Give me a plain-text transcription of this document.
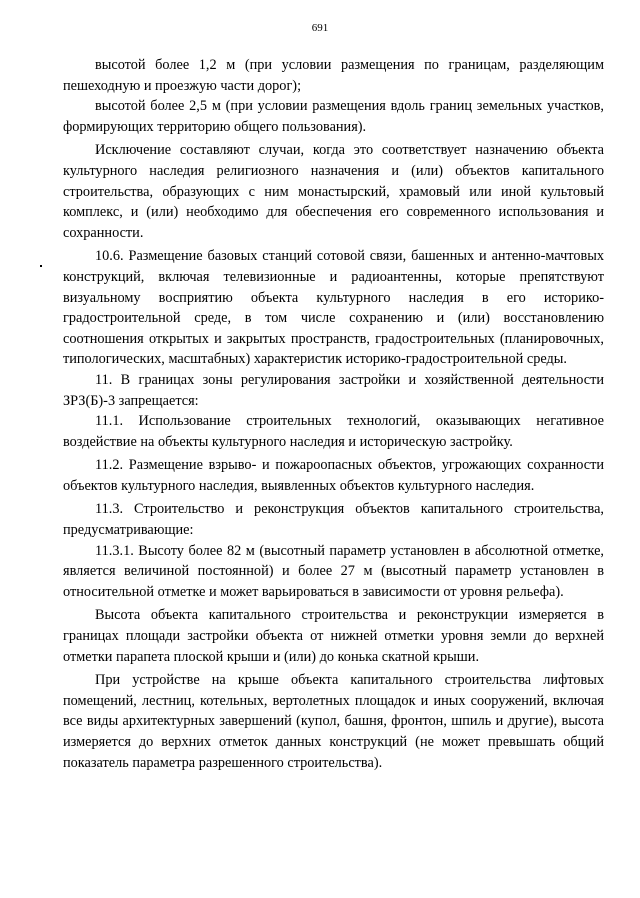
691

высотой более 1,2 м (при условии размещения по границам, разделяющим пешеходную и проезжую части дорог);

высотой более 2,5 м (при условии размещения вдоль границ земельных участков, формирующих территорию общего пользования).

Исключение составляют случаи, когда это соответствует назначению объекта культурного наследия религиозного назначения и (или) объектов капитального строительства, образующих с ним монастырский, храмовый или иной культовый комплекс, и (или) необходимо для обеспечения его современного использования и сохранности.

10.6. Размещение базовых станций сотовой связи, башенных и антенно-мачтовых конструкций, включая телевизионные и радиоантенны, которые препятствуют визуальному восприятию объекта культурного наследия в его историко-градостроительной среде, в том числе сохранению и (или) восстановлению соотношения открытых и закрытых пространств, градостроительных (планировочных, типологических, масштабных) характеристик историко-градостроительной среды.

11. В границах зоны регулирования застройки и хозяйственной деятельности ЗРЗ(Б)-3 запрещается:

11.1. Использование строительных технологий, оказывающих негативное воздействие на объекты культурного наследия и историческую застройку.

11.2. Размещение взрыво- и пожароопасных объектов, угрожающих сохранности объектов культурного наследия, выявленных объектов культурного наследия.

11.3. Строительство и реконструкция объектов капитального строительства, предусматривающие:

11.3.1. Высоту более 82 м (высотный параметр установлен в абсолютной отметке, является величиной постоянной) и более 27 м (высотный параметр установлен в относительной отметке и может варьироваться в зависимости от уровня рельефа).

Высота объекта капитального строительства и реконструкции измеряется в границах площади застройки объекта от нижней отметки уровня земли до верхней отметки парапета плоской крыши и (или) до конька скатной крыши.

При устройстве на крыше объекта капитального строительства лифтовых помещений, лестниц, котельных, вертолетных площадок и иных сооружений, включая все виды архитектурных завершений (купол, башня, фронтон, шпиль и другие), высота измеряется до верхних отметок данных конструкций (не может превышать общий показатель параметра разрешенного строительства).
